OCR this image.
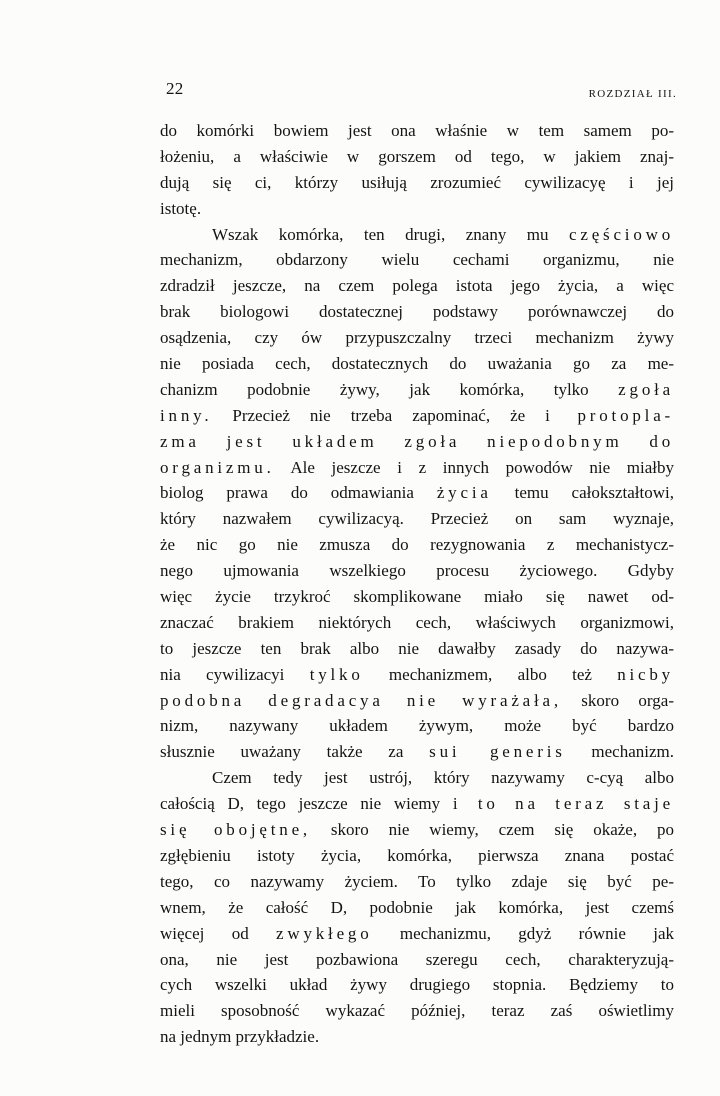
22	ROZDZIAŁ III.
do komórki bowiem jest ona właśnie w tem samem po-
łożeniu, a właściwie w gorszem od tego, w jakiem znaj-
dują się ci, którzy usiłują zrozumieć cywilizacyę i jej
istotę.
Wszak komórka, ten drugi, znany mu częściowo
mechanizm, obdarzony wielu cechami organizmu, nie
zdradził jeszcze, na czem polega istota jego życia, a więc
brak biologowi dostatecznej podstawy porównawczej do
osądzenia, czy ów przypuszczalny trzeci mechanizm żywy
nie posiada cech, dostatecznych do uważania go za me-
chanizm podobnie żywy, jak komórka, tylko zgoła
inny. Przecież nie trzeba zapominać, że i protopla-
zma jest układem zgoła niepodobnym do
organizmu. Ale jeszcze i z innych powodów nie miałby
biolog prawa do odmawiania życia temu całokształtowi,
który nazwałem cywilizacyą. Przecież on sam wyznaje,
że nic go nie zmusza do rezygnowania z mechanistycz-
nego ujmowania wszelkiego procesu życiowego. Gdyby
więc życie trzykroć skomplikowane miało się nawet od-
znaczać brakiem niektórych cech, właściwych organizmowi,
to jeszcze ten brak albo nie dawałby zasady do nazywa-
nia cywilizacyi tylko mechanizmem, albo też nicby
podobna degradacya nie wyrażała, skoro orga-
nizm, nazywany układem żywym, może być bardzo
słusznie uważany także za sui generis mechanizm.
Czem tedy jest ustrój, który nazywamy c-cyą albo
całością D, tego jeszcze nie wiemy i to na teraz staje
się obojętne, skoro nie wiemy, czem się okaże, po
zgłębieniu istoty życia, komórka, pierwsza znana postać
tego, co nazywamy życiem. To tylko zdaje się być pe-
wnem, że całość D, podobnie jak komórka, jest czemś
więcej od zwykłego mechanizmu, gdyż równie jak
ona, nie jest pozbawiona szeregu cech, charakteryzują-
cych wszelki układ żywy drugiego stopnia. Będziemy to
mieli sposobność wykazać później, teraz zaś oświetlimy
na jednym przykładzie.
